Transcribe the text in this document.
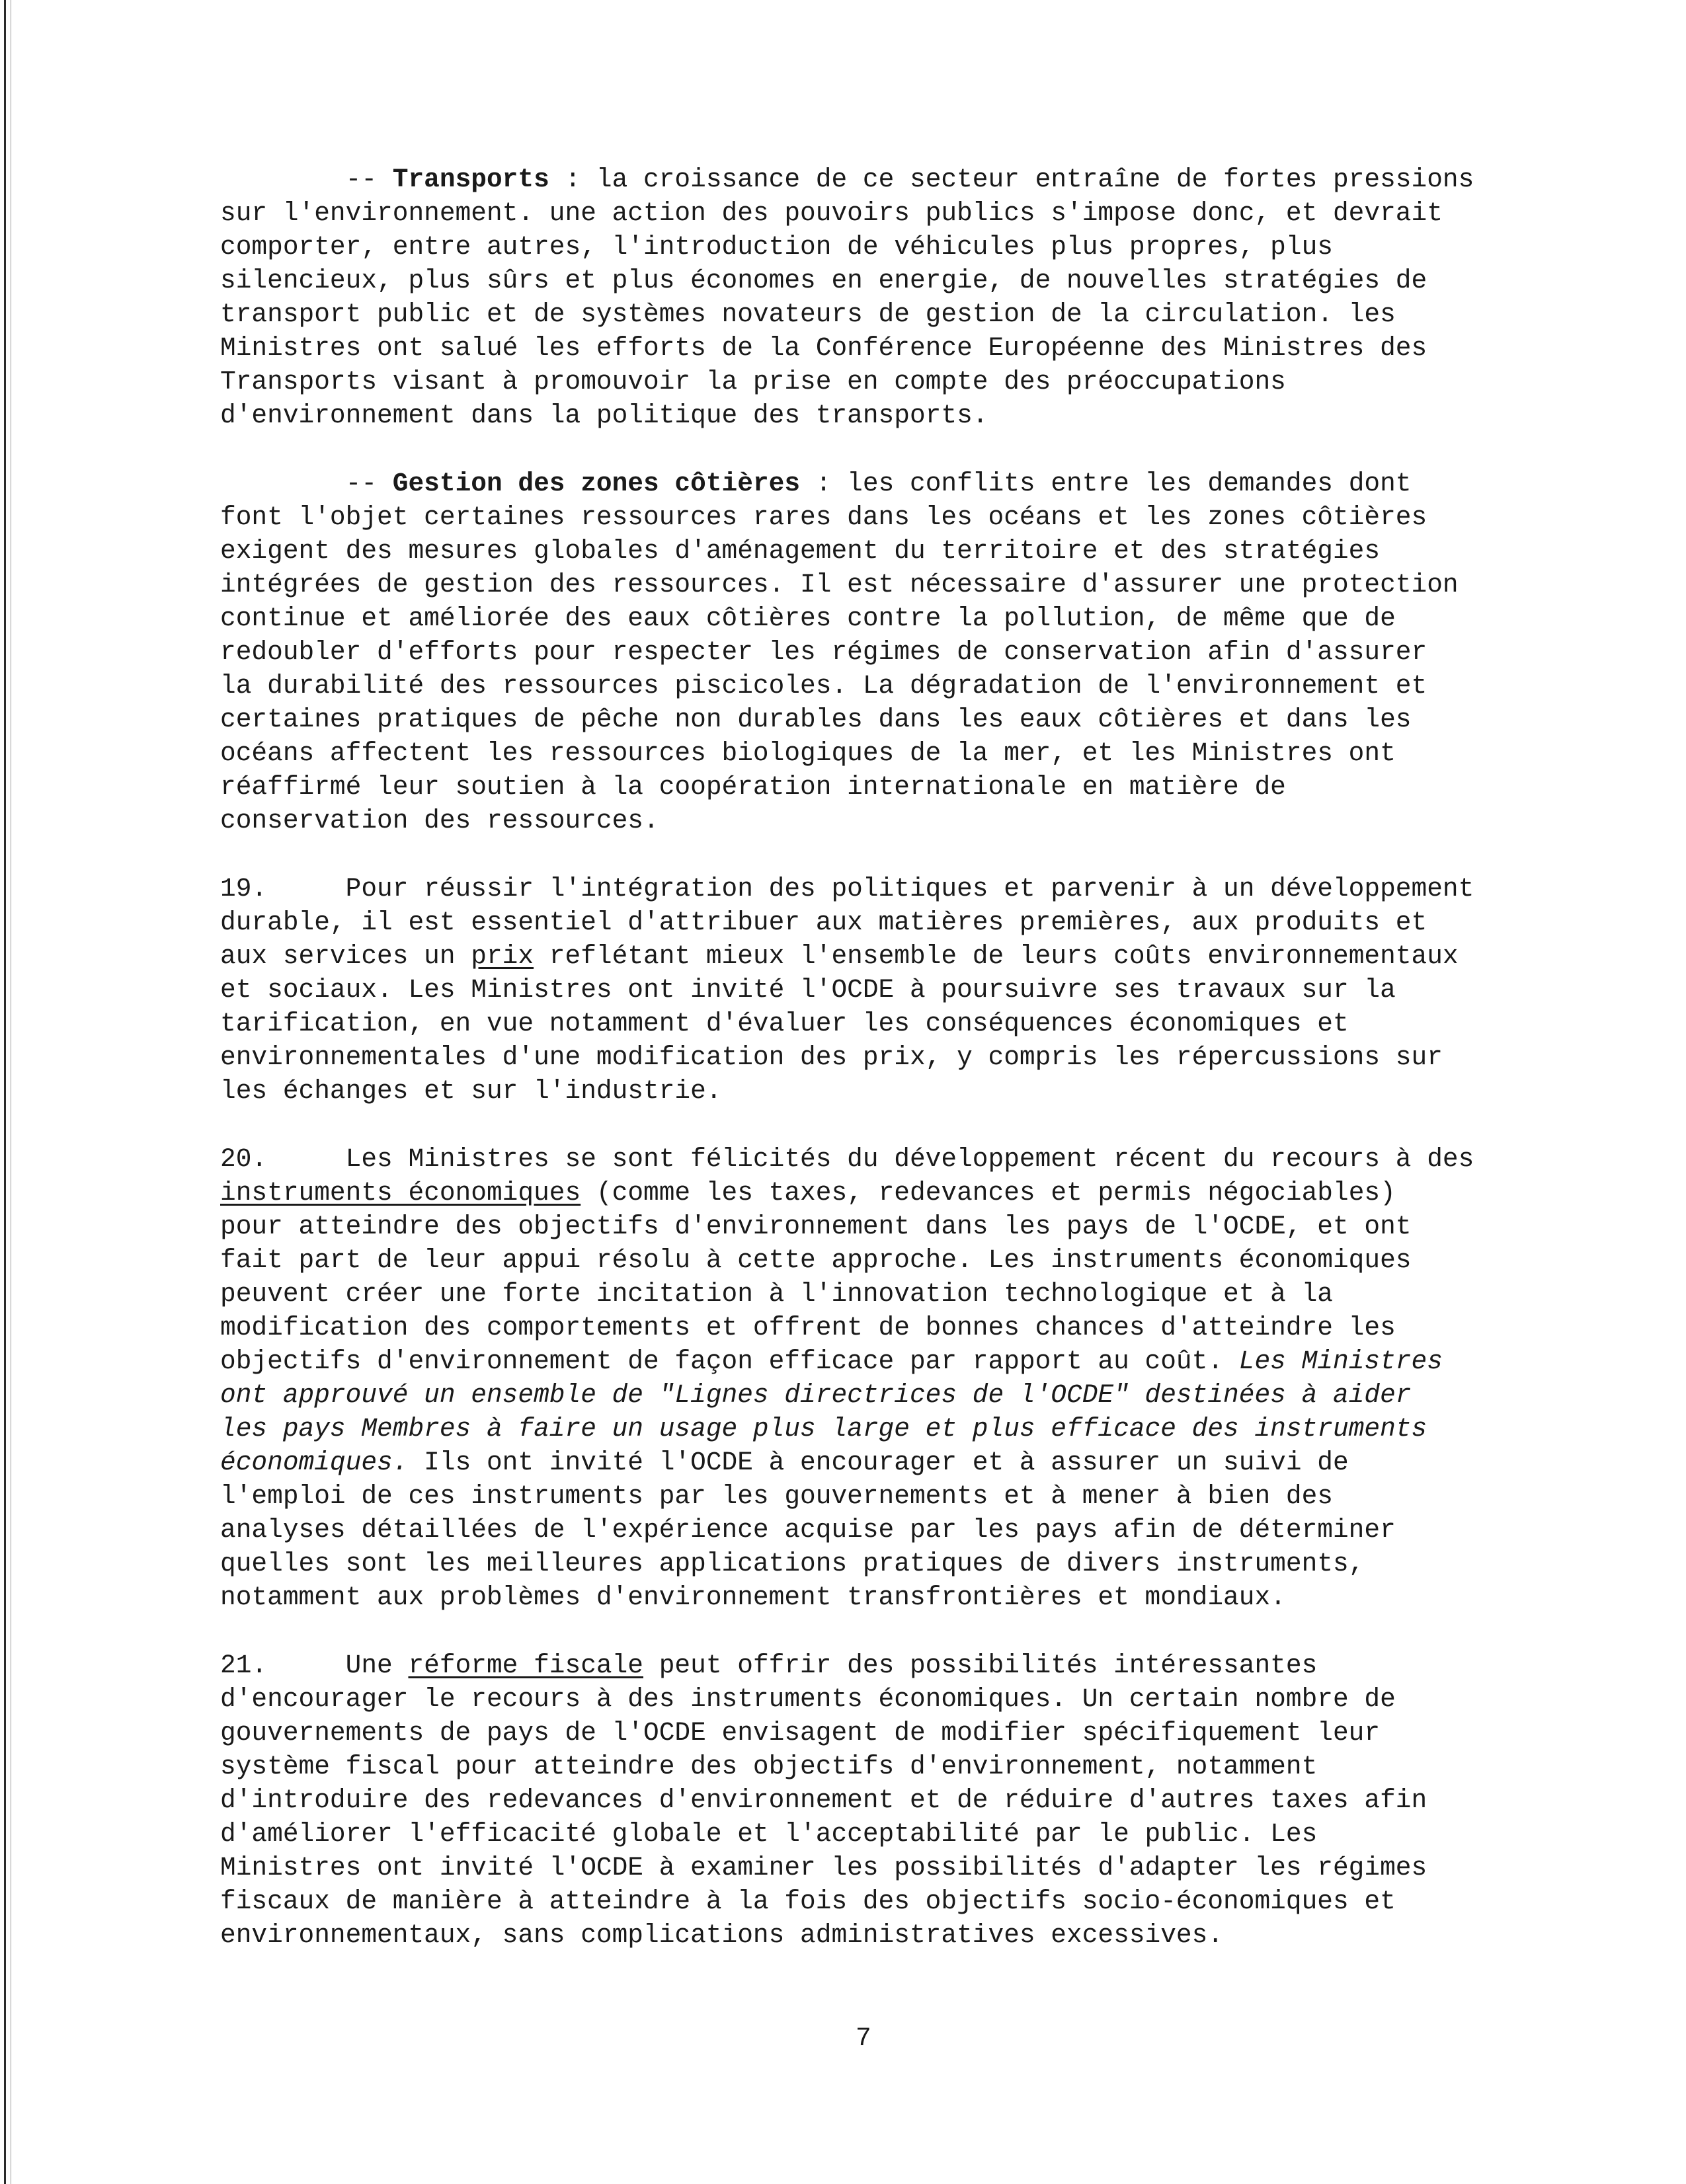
-- Transports : la croissance de ce secteur entraîne de fortes pressions
sur l'environnement. une action des pouvoirs publics s'impose donc, et devrait
comporter, entre autres, l'introduction de véhicules plus propres, plus
silencieux, plus sûrs et plus économes en energie, de nouvelles stratégies de
transport public et de systèmes novateurs de gestion de la circulation. les
Ministres ont salué les efforts de la Conférence Européenne des Ministres des
Transports visant à promouvoir la prise en compte des préoccupations
d'environnement dans la politique des transports.
-- Gestion des zones côtières : les conflits entre les demandes dont
font l'objet certaines ressources rares dans les océans et les zones côtières
exigent des mesures globales d'aménagement du territoire et des stratégies
intégrées de gestion des ressources. Il est nécessaire d'assurer une protection
continue et améliorée des eaux côtières contre la pollution, de même que de
redoubler d'efforts pour respecter les régimes de conservation afin d'assurer
la durabilité des ressources piscicoles. La dégradation de l'environnement et
certaines pratiques de pêche non durables dans les eaux côtières et dans les
océans affectent les ressources biologiques de la mer, et les Ministres ont
réaffirmé leur soutien à la coopération internationale en matière de
conservation des ressources.
19.     Pour réussir l'intégration des politiques et parvenir à un développement
durable, il est essentiel d'attribuer aux matières premières, aux produits et
aux services un prix reflétant mieux l'ensemble de leurs coûts environnementaux
et sociaux. Les Ministres ont invité l'OCDE à poursuivre ses travaux sur la
tarification, en vue notamment d'évaluer les conséquences économiques et
environnementales d'une modification des prix, y compris les répercussions sur
les échanges et sur l'industrie.
20.     Les Ministres se sont félicités du développement récent du recours à des
instruments économiques (comme les taxes, redevances et permis négociables)
pour atteindre des objectifs d'environnement dans les pays de l'OCDE, et ont
fait part de leur appui résolu à cette approche. Les instruments économiques
peuvent créer une forte incitation à l'innovation technologique et à la
modification des comportements et offrent de bonnes chances d'atteindre les
objectifs d'environnement de façon efficace par rapport au coût. Les Ministres
ont approuvé un ensemble de "Lignes directrices de l'OCDE" destinées à aider
les pays Membres à faire un usage plus large et plus efficace des instruments
économiques. Ils ont invité l'OCDE à encourager et à assurer un suivi de
l'emploi de ces instruments par les gouvernements et à mener à bien des
analyses détaillées de l'expérience acquise par les pays afin de déterminer
quelles sont les meilleures applications pratiques de divers instruments,
notamment aux problèmes d'environnement transfrontières et mondiaux.
21.     Une réforme fiscale peut offrir des possibilités intéressantes
d'encourager le recours à des instruments économiques. Un certain nombre de
gouvernements de pays de l'OCDE envisagent de modifier spécifiquement leur
système fiscal pour atteindre des objectifs d'environnement, notamment
d'introduire des redevances d'environnement et de réduire d'autres taxes afin
d'améliorer l'efficacité globale et l'acceptabilité par le public. Les
Ministres ont invité l'OCDE à examiner les possibilités d'adapter les régimes
fiscaux de manière à atteindre à la fois des objectifs socio-économiques et
environnementaux, sans complications administratives excessives.
7
